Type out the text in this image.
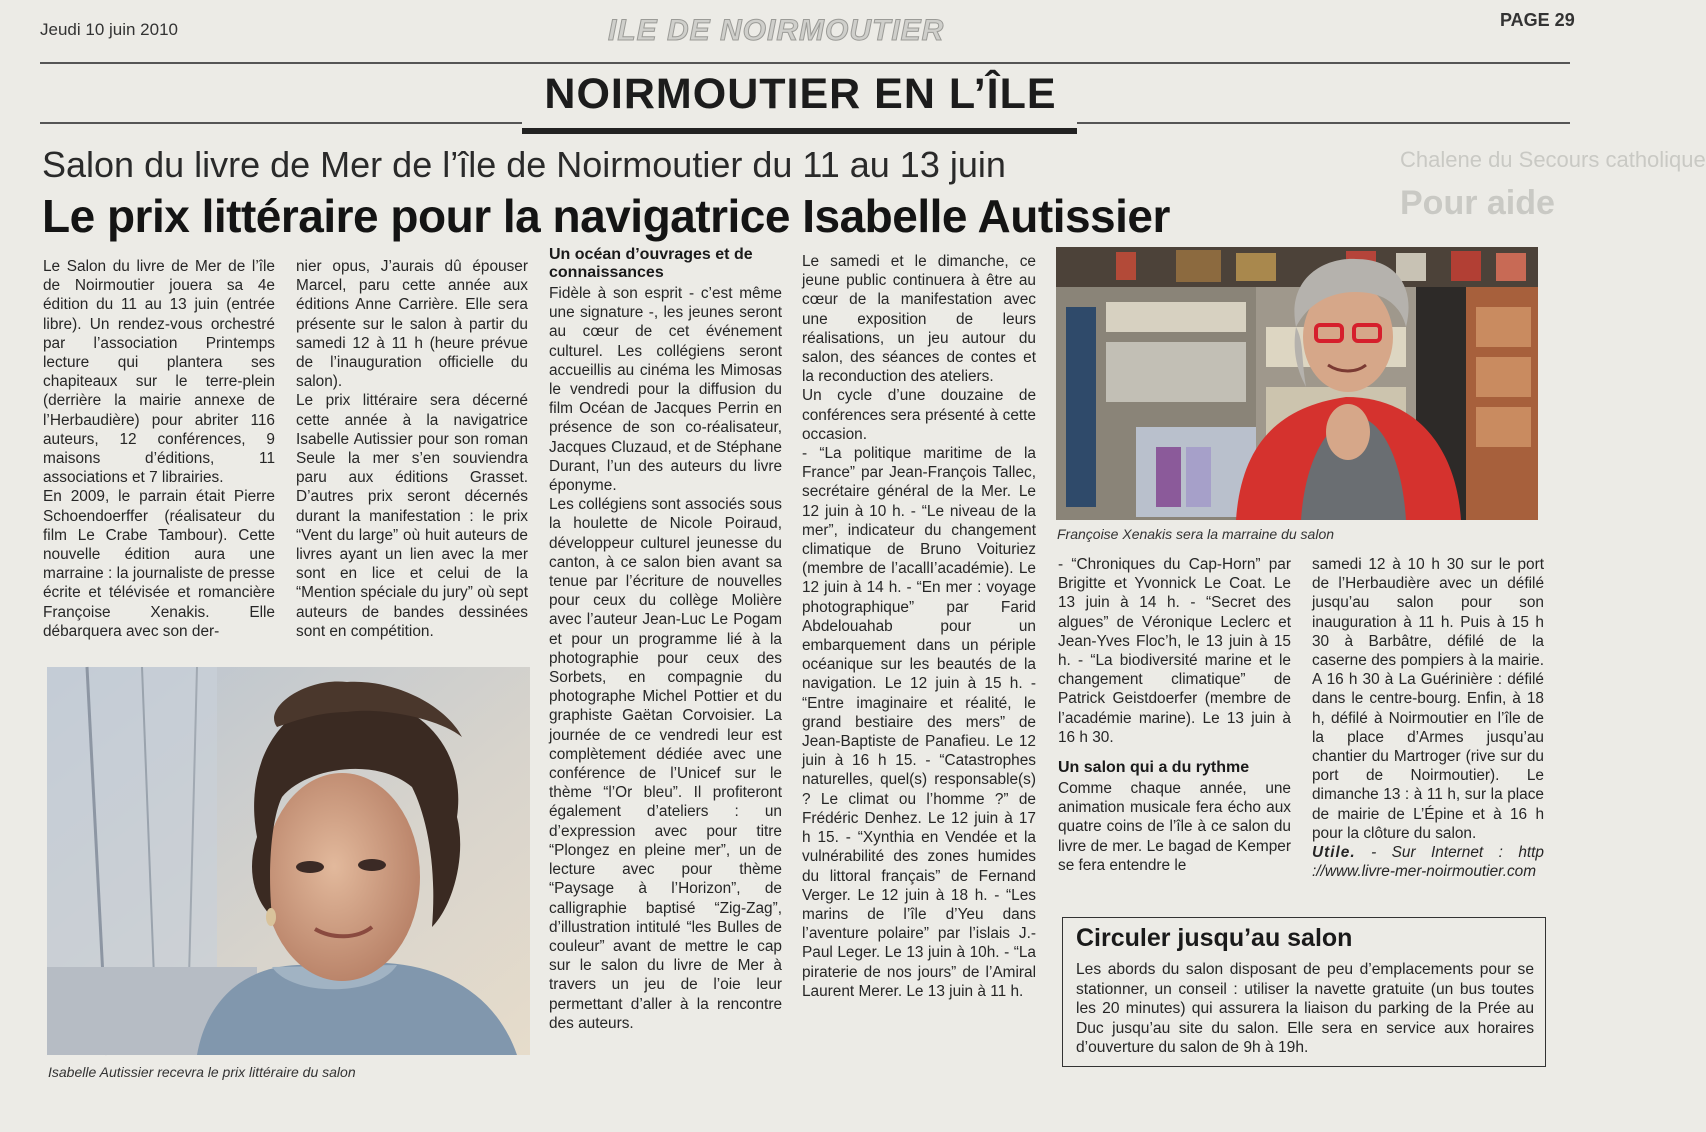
Jeudi 10 juin 2010	ILE DE NOIRMOUTIER	PAGE 29
NOIRMOUTIER EN L’ÎLE
Chalene du Secours catholique
Pour aide
Salon du livre de Mer de l’île de Noirmoutier du 11 au 13 juin
Le prix littéraire pour la navigatrice Isabelle Autissier

Le Salon du livre de Mer de l’île de Noirmoutier jouera sa 4e édition du 11 au 13 juin (entrée libre). Un rendez-vous orchestré par l’association Printemps lecture qui plantera ses chapiteaux sur le terre-plein (derrière la mairie annexe de l’Herbaudière) pour abriter 116 auteurs, 12 conférences, 9 maisons d’éditions, 11 associations et 7 librairies.

En 2009, le parrain était Pierre Schoendoerffer (réalisateur du film Le Crabe Tambour). Cette nouvelle édition aura une marraine : la journaliste de presse écrite et télévisée et romancière Françoise Xenakis. Elle débarquera avec son der-

nier opus, J’aurais dû épouser Marcel, paru cette année aux éditions Anne Carrière. Elle sera présente sur le salon à partir du samedi 12 à 11 h (heure prévue de l’inauguration officielle du salon).

Le prix littéraire sera décerné cette année à la navigatrice Isabelle Autissier pour son roman Seule la mer s’en souviendra paru aux éditions Grasset. D’autres prix seront décernés durant la manifestation : le prix “Vent du large” où huit auteurs de livres ayant un lien avec la mer sont en lice et celui de la “Mention spéciale du jury” où sept auteurs de bandes dessinées sont en compétition.

Isabelle Autissier recevra le prix littéraire du salon
Un océan d’ouvrages et de connaissances

Fidèle à son esprit - c’est même une signature -, les jeunes seront au cœur de cet événement culturel. Les collégiens seront accueillis au cinéma les Mimosas le vendredi pour la diffusion du film Océan de Jacques Perrin en présence de son co-réalisateur, Jacques Cluzaud, et de Stéphane Durant, l’un des auteurs du livre éponyme.

Les collégiens sont associés sous la houlette de Nicole Poiraud, développeur culturel jeunesse du canton, à ce salon bien avant sa tenue par l’écriture de nouvelles pour ceux du collège Molière avec l’auteur Jean-Luc Le Pogam et pour un programme lié à la photographie pour ceux des Sorbets, en compagnie du photographe Michel Pottier et du graphiste Gaëtan Corvoisier. La journée de ce vendredi leur est complètement dédiée avec une conférence de l’Unicef sur le thème “l’Or bleu”. Il profiteront également d’ateliers : un d’expression avec pour titre “Plongez en pleine mer”, un de lecture avec pour thème “Paysage à l’Horizon”, de calligraphie baptisé “Zig-Zag”, d’illustration intitulé “les Bulles de couleur” avant de mettre le cap sur le salon du livre de Mer à travers un jeu de l’oie leur permettant d’aller à la rencontre des auteurs.

Le samedi et le dimanche, ce jeune public continuera à être au cœur de la manifestation avec une exposition de leurs réalisations, un jeu autour du salon, des séances de contes et la reconduction des ateliers.

Un cycle d’une douzaine de conférences sera présenté à cette occasion.

- “La politique maritime de la France” par Jean-François Tallec, secrétaire général de la Mer. Le 12 juin à 10 h. - “Le niveau de la mer”, indicateur du changement climatique de Bruno Voituriez (membre de l’acallI’académie). Le 12 juin à 14 h. - “En mer : voyage photographique” par Farid Abdelouahab pour un embarquement dans un périple océanique sur les beautés de la navigation. Le 12 juin à 15 h. - “Entre imaginaire et réalité, le grand bestiaire des mers” de Jean-Baptiste de Panafieu. Le 12 juin à 16 h 15. - “Catastrophes naturelles, quel(s) responsable(s) ? Le climat ou l’homme ?” de Frédéric Denhez. Le 12 juin à 17 h 15. - “Xynthia en Vendée et la vulnérabilité des zones humides du littoral français” de Fernand Verger. Le 12 juin à 18 h. - “Les marins de l’île d’Yeu dans l’aventure polaire” par l’islais J.-Paul Leger. Le 13 juin à 10h. - “La piraterie de nos jours” de l’Amiral Laurent Merer. Le 13 juin à 11 h.

Françoise Xenakis sera la marraine du salon

- “Chroniques du Cap-Horn” par Brigitte et Yvonnick Le Coat. Le 13 juin à 14 h. - “Secret des algues” de Véronique Leclerc et Jean-Yves Floc’h, le 13 juin à 15 h. - “La biodiversité marine et le changement climatique” de Patrick Geistdoerfer (membre de l’académie marine). Le 13 juin à 16 h 30.

Un salon qui a du rythme

Comme chaque année, une animation musicale fera écho aux quatre coins de l’île à ce salon du livre de mer. Le bagad de Kemper se fera entendre le

samedi 12 à 10 h 30 sur le port de l’Herbaudière avec un défilé jusqu’au salon pour son inauguration à 11 h. Puis à 15 h 30 à Barbâtre, défilé de la caserne des pompiers à la mairie. A 16 h 30 à La Guérinière : défilé dans le centre-bourg. Enfin, à 18 h, défilé à Noirmoutier en l’île de la place d’Armes jusqu’au chantier du Martroger (rive sur du port de Noirmoutier). Le dimanche 13 : à 11 h, sur la place de mairie de L’Épine et à 16 h pour la clôture du salon.

Utile. - Sur Internet : http ://www.livre-mer-noirmoutier.com

Circuler jusqu’au salon
Les abords du salon disposant de peu d’emplacements pour se stationner, un conseil : utiliser la navette gratuite (un bus toutes les 20 minutes) qui assurera la liaison du parking de la Prée au Duc jusqu’au site du salon. Elle sera en service aux horaires d’ouverture du salon de 9h à 19h.
